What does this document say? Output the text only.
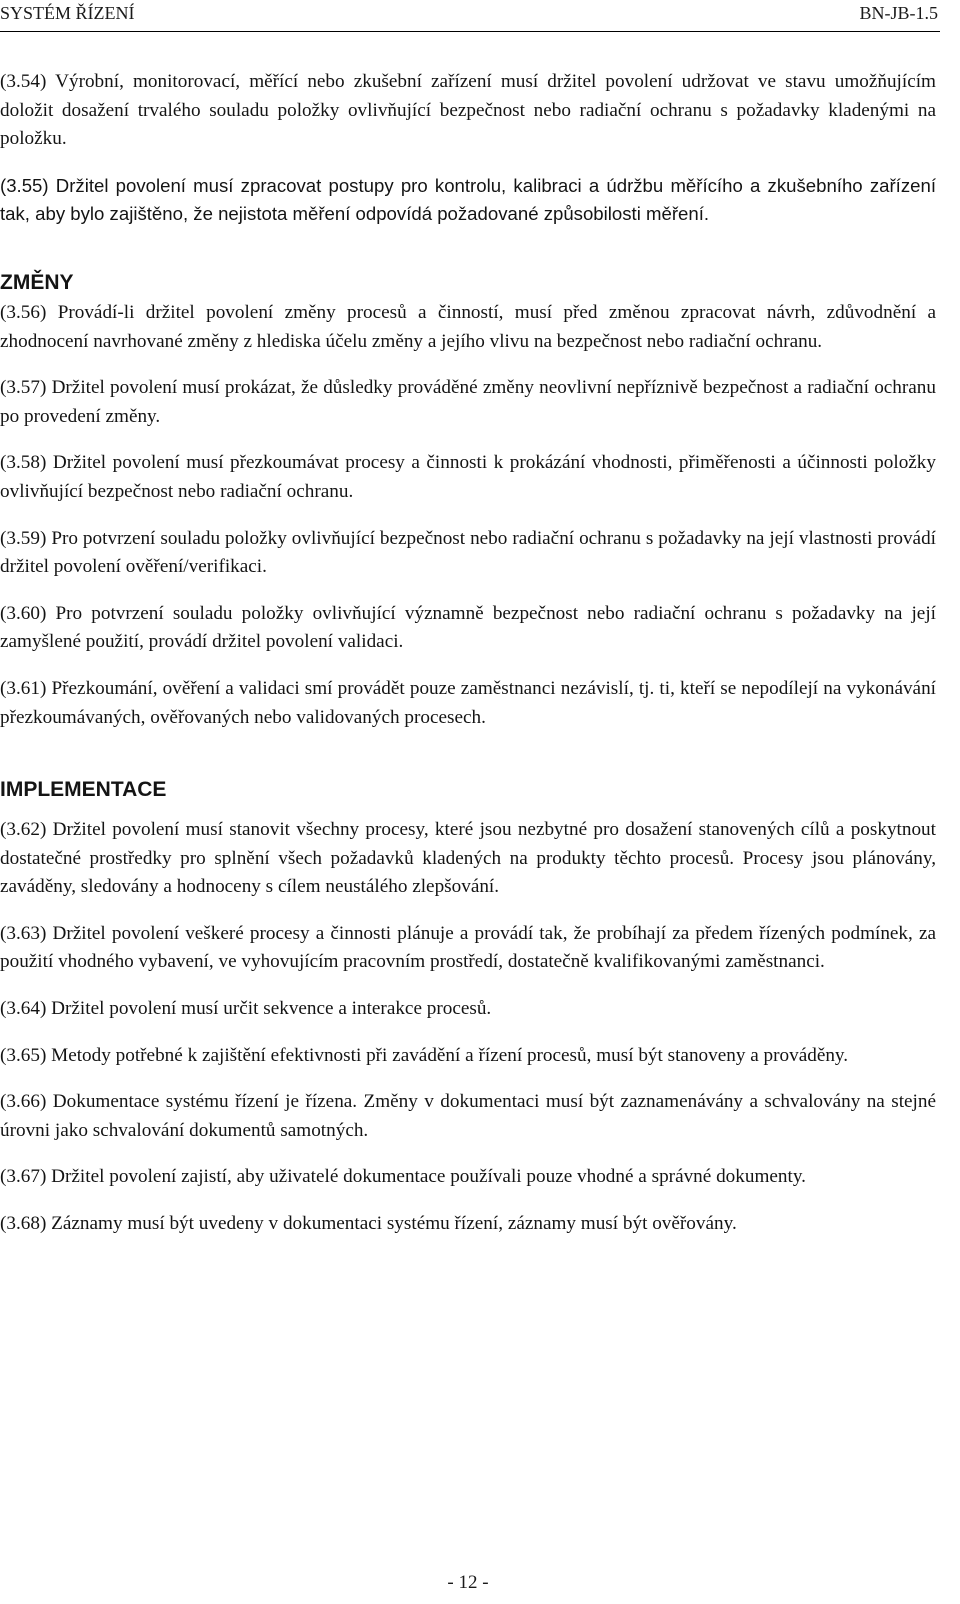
SYSTÉM ŘÍZENÍ	BN-JB-1.5

(3.54) Výrobní, monitorovací, měřící nebo zkušební zařízení musí držitel povolení udržovat ve stavu umožňujícím doložit dosažení trvalého souladu položky ovlivňující bezpečnost nebo radiační ochranu s požadavky kladenými na položku.

(3.55) Držitel povolení musí zpracovat postupy pro kontrolu, kalibraci a údržbu měřícího a zkušebního zařízení tak, aby bylo zajištěno, že nejistota měření odpovídá požadované způsobilosti měření.

ZMĚNY

(3.56) Provádí-li držitel povolení změny procesů a činností, musí před změnou zpracovat návrh, zdůvodnění a zhodnocení navrhované změny z hlediska účelu změny a jejího vlivu na bezpečnost nebo radiační ochranu.

(3.57) Držitel povolení musí prokázat, že důsledky prováděné změny neovlivní nepříznivě bezpečnost a radiační ochranu po provedení změny.

(3.58) Držitel povolení musí přezkoumávat procesy a činnosti k prokázání vhodnosti, přiměřenosti a účinnosti položky ovlivňující bezpečnost nebo radiační ochranu.

(3.59) Pro potvrzení souladu položky ovlivňující bezpečnost nebo radiační ochranu s požadavky na její vlastnosti provádí držitel povolení ověření/verifikaci.

(3.60) Pro potvrzení souladu položky ovlivňující významně bezpečnost nebo radiační ochranu s požadavky na její zamyšlené použití, provádí držitel povolení validaci.

(3.61) Přezkoumání, ověření a validaci smí provádět pouze zaměstnanci nezávislí, tj. ti, kteří se nepodílejí na vykonávání přezkoumávaných, ověřovaných nebo validovaných procesech.

IMPLEMENTACE

(3.62) Držitel povolení musí stanovit všechny procesy, které jsou nezbytné pro dosažení stanovených cílů a poskytnout dostatečné prostředky pro splnění všech požadavků kladených na produkty těchto procesů. Procesy jsou plánovány, zaváděny, sledovány a hodnoceny s cílem neustálého zlepšování.

(3.63) Držitel povolení veškeré procesy a činnosti plánuje a provádí tak, že probíhají za předem řízených podmínek, za použití vhodného vybavení, ve vyhovujícím pracovním prostředí, dostatečně kvalifikovanými zaměstnanci.

(3.64) Držitel povolení musí určit sekvence a interakce procesů.

(3.65) Metody potřebné k zajištění efektivnosti při zavádění a řízení procesů, musí být stanoveny a prováděny.

(3.66) Dokumentace systému řízení je řízena. Změny v dokumentaci musí být zaznamenávány a schvalovány na stejné úrovni jako schvalování dokumentů samotných.

(3.67) Držitel povolení zajistí, aby uživatelé dokumentace používali pouze vhodné a správné dokumenty.

(3.68) Záznamy musí být uvedeny v dokumentaci systému řízení, záznamy musí být ověřovány.

- 12 -
